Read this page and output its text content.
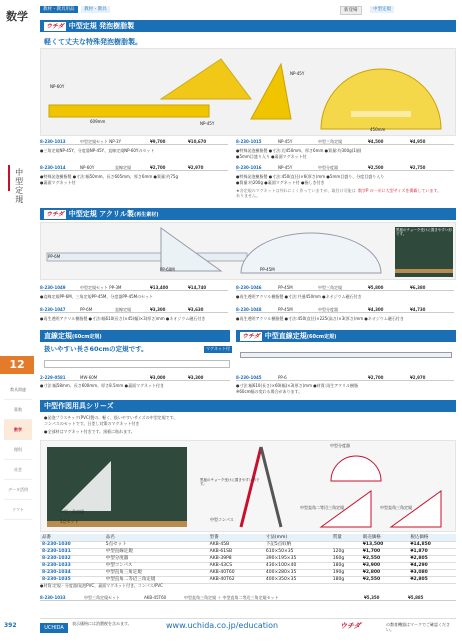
数学
中型定規
12
教具関連
算数
数学
理科
社会
データ活用
ソフト
392
教材・教具用品 教材・教具	新登場	中型定規
ウチダ 中型定規 発泡樹脂製
軽くて丈夫な特殊発泡樹脂製。
NP-60Y
NP-45Y
NP-45Y
609mm
450mm
8-230-1013	中型定規セット NP-3Y	¥9,700	¥10,670
●三角定規NP-45Y、分度器NP-45Y、直線定規NP-60Yのセット
8-230-1014	NP-60Y	直線定規	¥2,700	¥2,970
●特殊発泡樹脂製 ●寸法:幅50mm、長さ605mm、厚さ6mm ●質量:約75g
●裏面マグネット付
8-230-1015	NP-45Y	中型三角定規	¥4,500	¥4,950
●特殊発泡樹脂製 ●寸法:辺450mm、厚さ6mm ●質量:約300g(1個)
●5mm目盛り入り ●裏面マグネット付
8-230-1016	NP-45Y	中型分度器	¥2,500	¥2,750
●特殊発泡樹脂製 ●寸法:450(直径)×6(厚さ)mm ●5mm目盛り、分度目盛り入り
●質量:約200g ●裏面マグネット付 ●指しき付き
★各定規のマグネットは外れにくく作っていますが、取付け可能はありません。
数学P の一川に大型サイズを掲載しています。
ウチダ 中型定規 アクリル製(再生素材)
PP-6M
PP-60M	PP-45M
黒板のチョーク受けに置きやすい形です。
8-230-1049	中型定規セット PP-3M	¥13,400	¥14,740
●直線定規PP-6M、三角定規PP-45M、分度器PP-45Mのセット
8-230-1047	PP-6M	直線定規	¥3,300	¥3,630
●再生透明アクリル樹脂製 ●寸法:幅610(長さ)×45(幅)×3(厚さ)mm ●ネオジウム磁石付き
8-230-1046	PP-45M	中型三角定規	¥5,800	¥6,380
●再生透明アクリル樹脂製 ●寸法:共通450mm ●ネオジウム磁石付き
8-230-1048	PP-45M	中型分度器	¥4,300	¥4,730
●再生透明アクリル樹脂製 ●寸法:450(直径)×225(高さ)×3(厚さ)mm ●ネオジウム磁石付き
直線定規(60cm定規)
扱いやすい長さ60cmの定規です。	マグネット付
2-229-0581	MW-60M	¥3,000	¥3,300
●寸法:幅58mm、長さ600mm、厚さ8.5mm ●裏面マグネット付き
ウチダ 中型直線定規(60cm定規)
8-230-1045	PP-6	¥2,700	¥2,970
●寸法:幅610(長さ)×60(幅)×3(厚さ)mm ●材質:再生アクリル樹脂
※60cm幅の変わる場合があります。
中型作図用具シリーズ
●発泡プラスチック(PVC)製の、軽く、扱いやすいサイズの中型定規です。
コンパスのセットです。日差し対策のマグネット付き
●全部材はマグネット付きです。黒板に貼れます。
中型分度器
中型コンパス
中型直角二等辺三角定規	中型直角三角定規
中型三角定規
5点セット
黒板のチョーク受けに置きやすい形です。
品番	品名	型番	寸法(mm)	質量	販売価格	税込価格
8-230-1030	5点セット	AKB-45B	下記5点収納		¥13,500	¥14,850
8-230-1031	中型直線定規	AKB-61SB	610×50×35	120g	¥1,700	¥1,870
8-230-1032	中型分度器	AKB-39P8	390×195×35	160g	¥2,550	¥2,805
8-230-1033	中型コンパス	AKB-43CS	430×100×40	180g	¥3,900	¥4,290
8-230-1034	中型直角三角定規	AKB-40T60	400×280×35	190g	¥2,800	¥3,080
8-230-1035	中型直角二等辺三角定規	AKB-40T62	400×350×35	180g	¥2,550	¥2,805
●材質:定規・分度器/発泡PVC、裏面マグネット付き、コンパス/PVC
8-230-1033	中型三角定規セット	AKB-45T60	中型直角三角定規 ＋ 中型直角二等辺三角定規セット	¥5,350	¥5,885
UCHIDA
表示価格には消費税を含みます。	www.uchida.co.jp/education	ウチダ	の教育機器はマークでご確認ください。
